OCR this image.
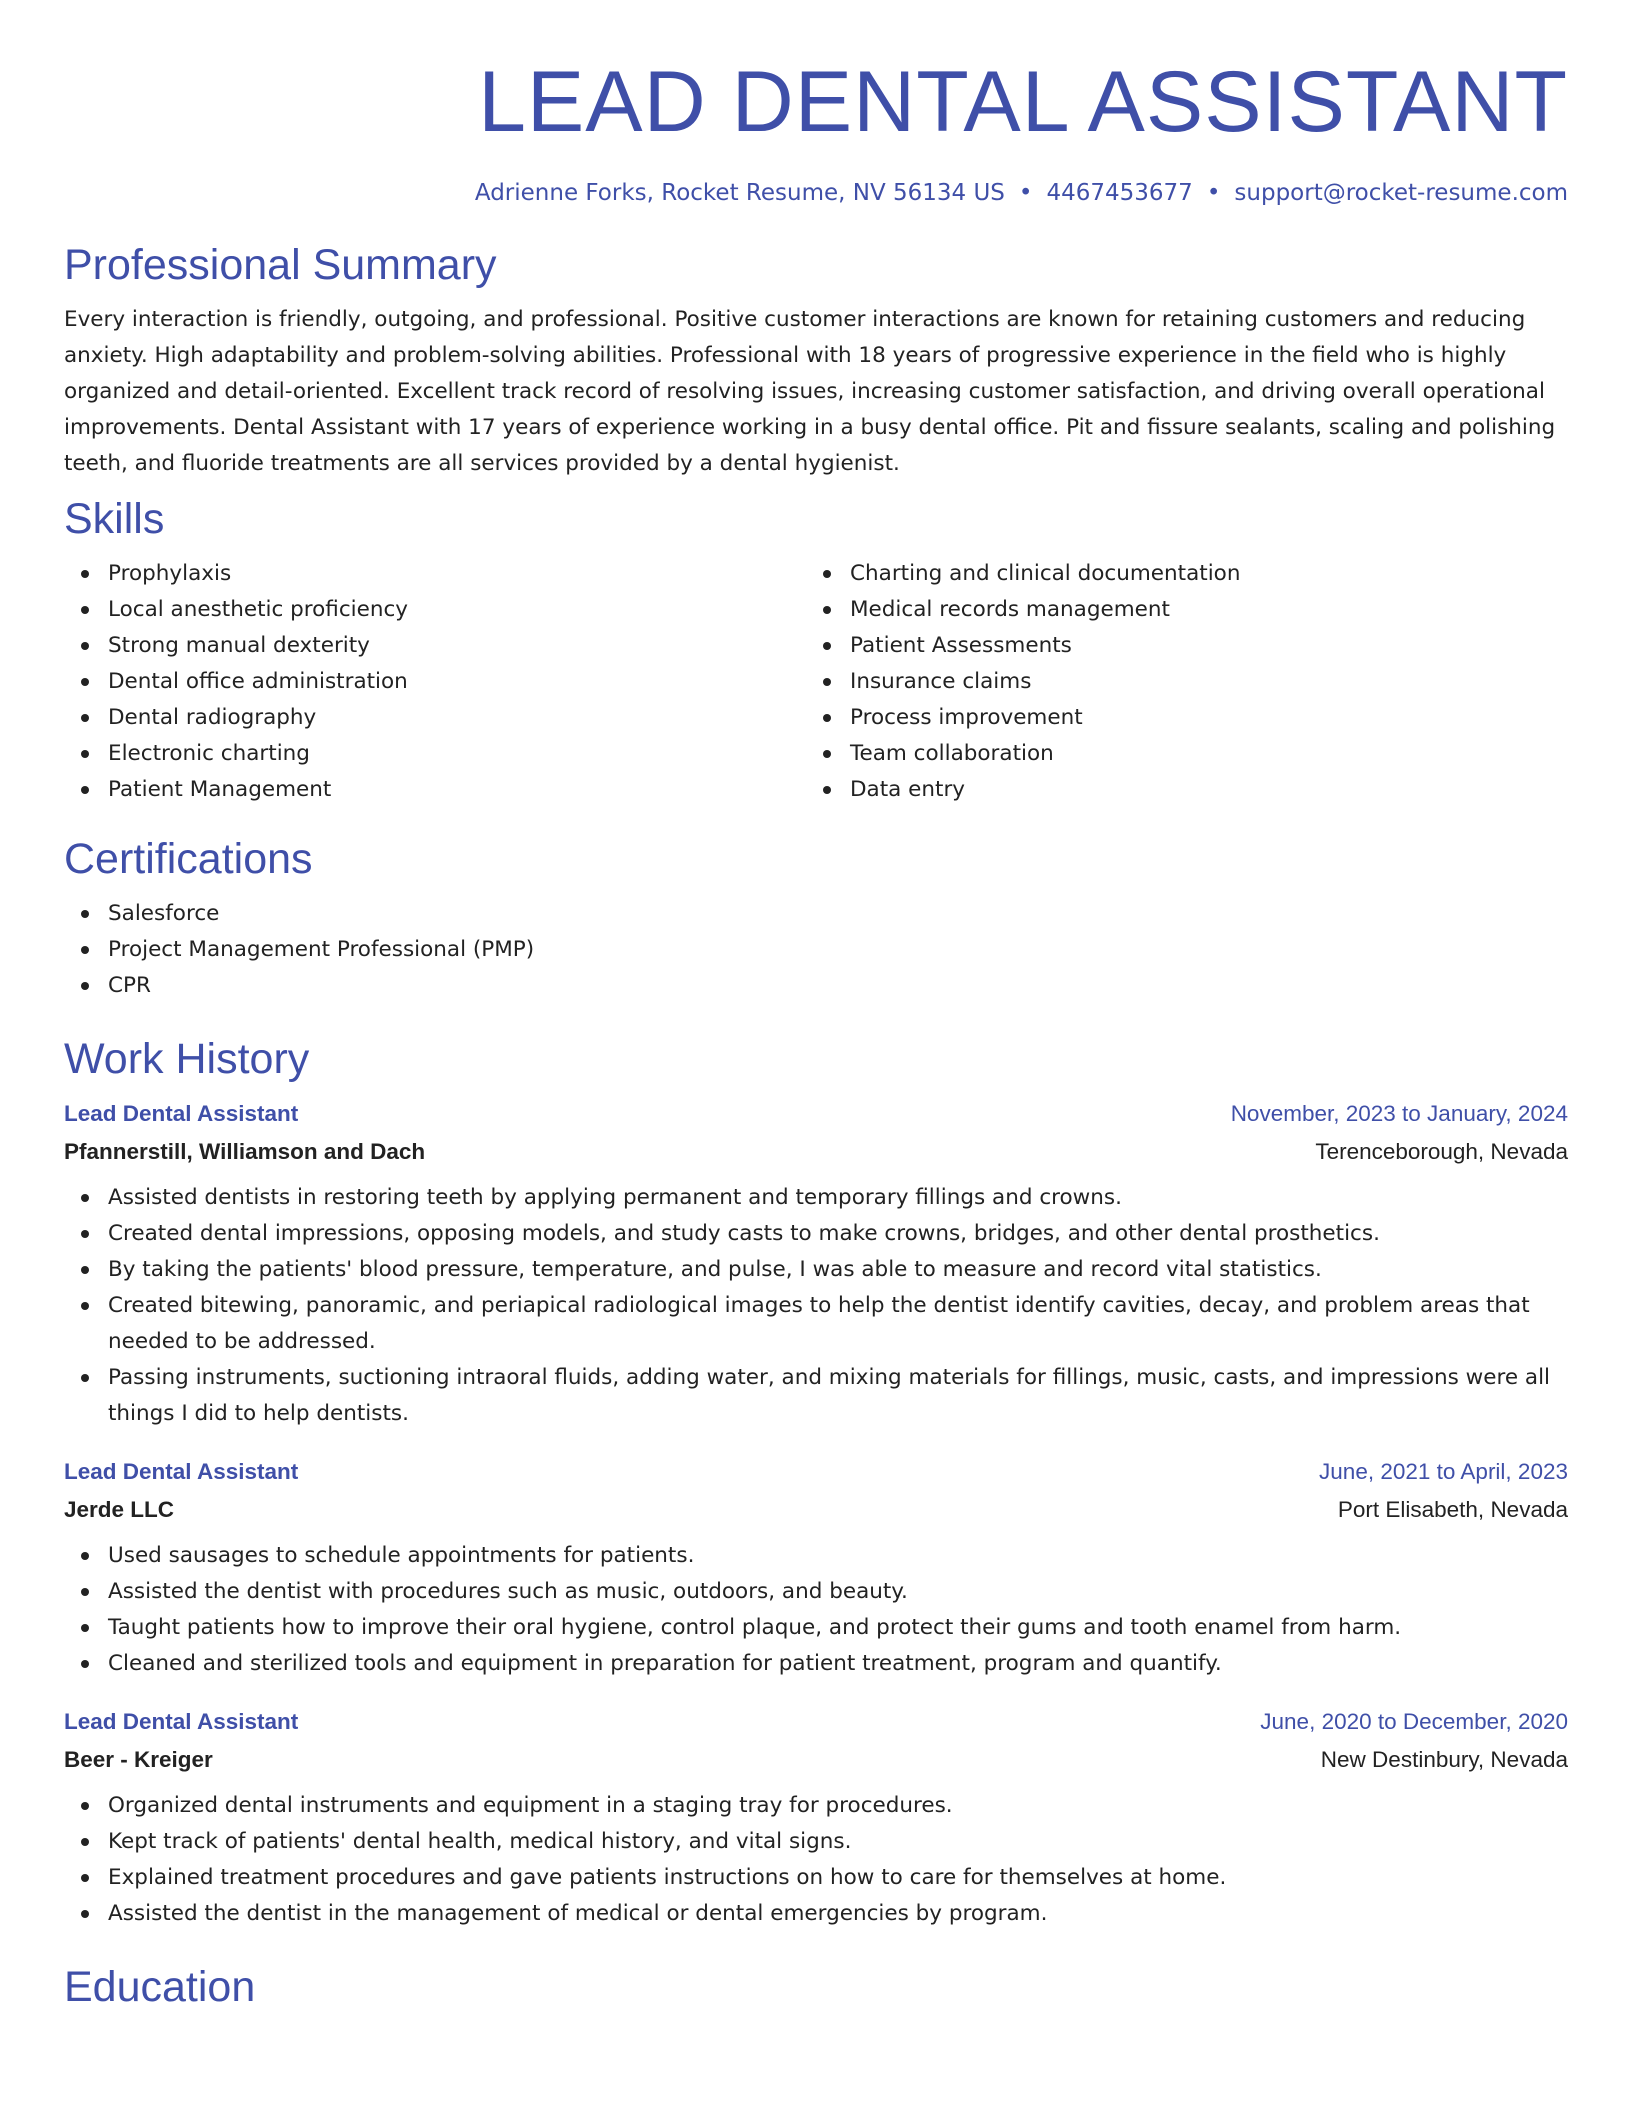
LEAD DENTAL ASSISTANT
Adrienne Forks, Rocket Resume, NV 56134 US • 4467453677 • support@rocket-resume.com
Professional Summary

Every interaction is friendly, outgoing, and professional. Positive customer interactions are known for retaining customers and reducing anxiety. High adaptability and problem-solving abilities. Professional with 18 years of progressive experience in the field who is highly organized and detail-oriented. Excellent track record of resolving issues, increasing customer satisfaction, and driving overall operational improvements. Dental Assistant with 17 years of experience working in a busy dental office. Pit and fissure sealants, scaling and polishing teeth, and fluoride treatments are all services provided by a dental hygienist.

Skills
Prophylaxis
Local anesthetic proficiency
Strong manual dexterity
Dental office administration
Dental radiography
Electronic charting
Patient Management
Charting and clinical documentation
Medical records management
Patient Assessments
Insurance claims
Process improvement
Team collaboration
Data entry
Certifications
Salesforce
Project Management Professional (PMP)
CPR
Work History
Lead Dental Assistant	November, 2023 to January, 2024
Pfannerstill, Williamson and Dach	Terenceborough, Nevada
Assisted dentists in restoring teeth by applying permanent and temporary fillings and crowns.
Created dental impressions, opposing models, and study casts to make crowns, bridges, and other dental prosthetics.
By taking the patients' blood pressure, temperature, and pulse, I was able to measure and record vital statistics.
Created bitewing, panoramic, and periapical radiological images to help the dentist identify cavities, decay, and problem areas that needed to be addressed.
Passing instruments, suctioning intraoral fluids, adding water, and mixing materials for fillings, music, casts, and impressions were all things I did to help dentists.
Lead Dental Assistant	June, 2021 to April, 2023
Jerde LLC	Port Elisabeth, Nevada
Used sausages to schedule appointments for patients.
Assisted the dentist with procedures such as music, outdoors, and beauty.
Taught patients how to improve their oral hygiene, control plaque, and protect their gums and tooth enamel from harm.
Cleaned and sterilized tools and equipment in preparation for patient treatment, program and quantify.
Lead Dental Assistant	June, 2020 to December, 2020
Beer - Kreiger	New Destinbury, Nevada
Organized dental instruments and equipment in a staging tray for procedures.
Kept track of patients' dental health, medical history, and vital signs.
Explained treatment procedures and gave patients instructions on how to care for themselves at home.
Assisted the dentist in the management of medical or dental emergencies by program.
Education
